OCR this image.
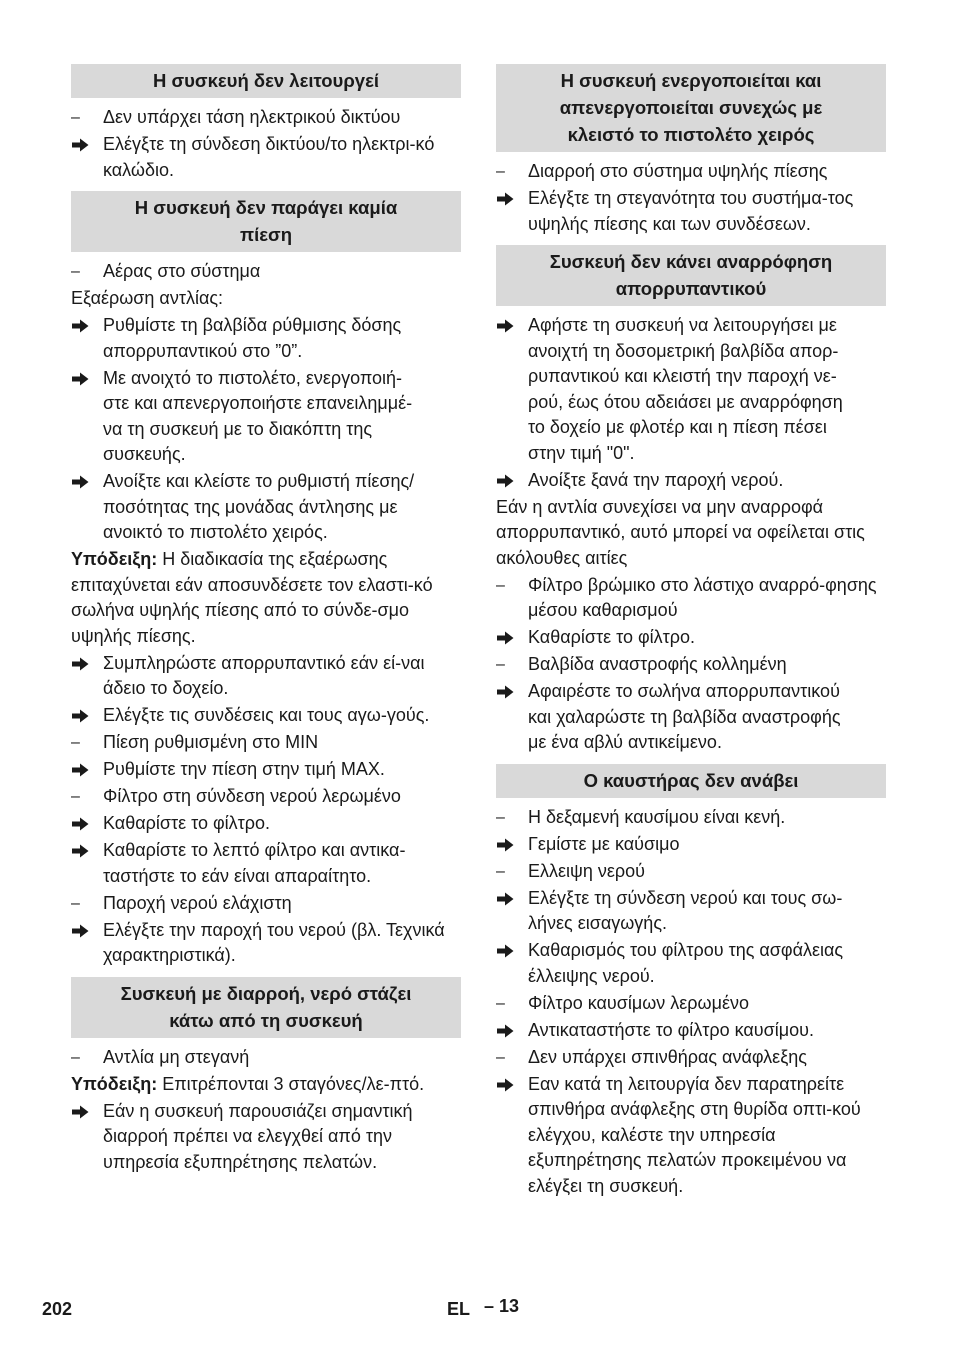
Η συσκευή δεν λειτουργεί
–	Δεν υπάρχει τάση ηλεκτρικού δικτύου
Ελέγξτε τη σύνδεση δικτύου/το ηλεκτρι-κό καλώδιο.
Η συσκευή δεν παράγει καμία
πίεση
–	Αέρας στο σύστημα
Εξαέρωση αντλίας:
Ρυθμίστε τη βαλβίδα ρύθμισης δόσης απορρυπαντικού στο ”0”.
Με ανοιχτό το πιστολέτο, ενεργοποιή-
στε και απενεργοποιήστε επανειλημμέ-
να τη συσκευή με το διακόπτη της
συσκευής.
Ανοίξτε και κλείστε το ρυθμιστή πίεσης/
ποσότητας της μονάδας άντλησης με
ανοικτό το πιστολέτο χειρός.
Υπόδειξη: Η διαδικασία της εξαέρωσης επιταχύνεται εάν αποσυνδέσετε τον ελαστι-κό σωλήνα υψηλής πίεσης από το σύνδε-σμο υψηλής πίεσης.
Συμπληρώστε απορρυπαντικό εάν εί-ναι άδειο το δοχείο.
Ελέγξτε τις συνδέσεις και τους αγω-γούς.
–	Πίεση ρυθμισμένη στο MIN
Ρυθμίστε την πίεση στην τιμή MAX.
–	Φίλτρο στη σύνδεση νερού λερωμένο
Καθαρίστε το φίλτρο.
Καθαρίστε το λεπτό φίλτρο και αντικα-ταστήστε το εάν είναι απαραίτητο.
–	Παροχή νερού ελάχιστη
Ελέγξτε την παροχή του νερού (βλ. Τεχνικά χαρακτηριστικά).
Συσκευή με διαρροή, νερό στάζει
κάτω από τη συσκευή
–	Αντλία μη στεγανή
Υπόδειξη: Επιτρέπονται 3 σταγόνες/λε-πτό.
Εάν η συσκευή παρουσιάζει σημαντική διαρροή πρέπει να ελεγχθεί από την υπηρεσία εξυπηρέτησης πελατών.
Η συσκευή ενεργοποιείται και
απενεργοποιείται συνεχώς με
κλειστό το πιστολέτο χειρός
–	Διαρροή στο σύστημα υψηλής πίεσης
Ελέγξτε τη στεγανότητα του συστήμα-τος υψηλής πίεσης και των συνδέσεων.
Συσκευή δεν κάνει αναρρόφηση
απορρυπαντικού
Αφήστε τη συσκευή να λειτουργήσει με
ανοιχτή τη δοσομετρική βαλβίδα απορ-
ρυπαντικού και κλειστή την παροχή νε-
ρού, έως ότου αδειάσει με αναρρόφηση
το δοχείο με φλοτέρ και η πίεση πέσει
στην τιμή "0".
Ανοίξτε ξανά την παροχή νερού.
Εάν η αντλία συνεχίσει να μην αναρροφά απορρυπαντικό, αυτό μπορεί να οφείλεται στις ακόλουθες αιτίες
–	Φίλτρο βρώμικο στο λάστιχο αναρρό-φησης μέσου καθαρισμού
Καθαρίστε το φίλτρο.
–	Βαλβίδα αναστροφής κολλημένη
Αφαιρέστε το σωλήνα απορρυπαντικού
και χαλαρώστε τη βαλβίδα αναστροφής
με ένα αβλύ αντικείμενο.
Ο καυστήρας δεν ανάβει
–	Η δεξαμενή καυσίμου είναι κενή.
Γεμίστε με καύσιμο
–	Ελλειψη νερού
Ελέγξτε τη σύνδεση νερού και τους σω-λήνες εισαγωγής.
Καθαρισμός του φίλτρου της ασφάλειας έλλειψης νερού.
–	Φίλτρο καυσίμων λερωμένο
Αντικαταστήστε το φίλτρο καυσίμου.
–	Δεν υπάρχει σπινθήρας ανάφλεξης
Εαν κατά τη λειτουργία δεν παρατηρείτε σπινθήρα ανάφλεξης στη θυρίδα οπτι-κού ελέγχου, καλέστε την υπηρεσία εξυπηρέτησης πελατών προκειμένου να ελέγξει τη συσκευή.
202	EL – 13
